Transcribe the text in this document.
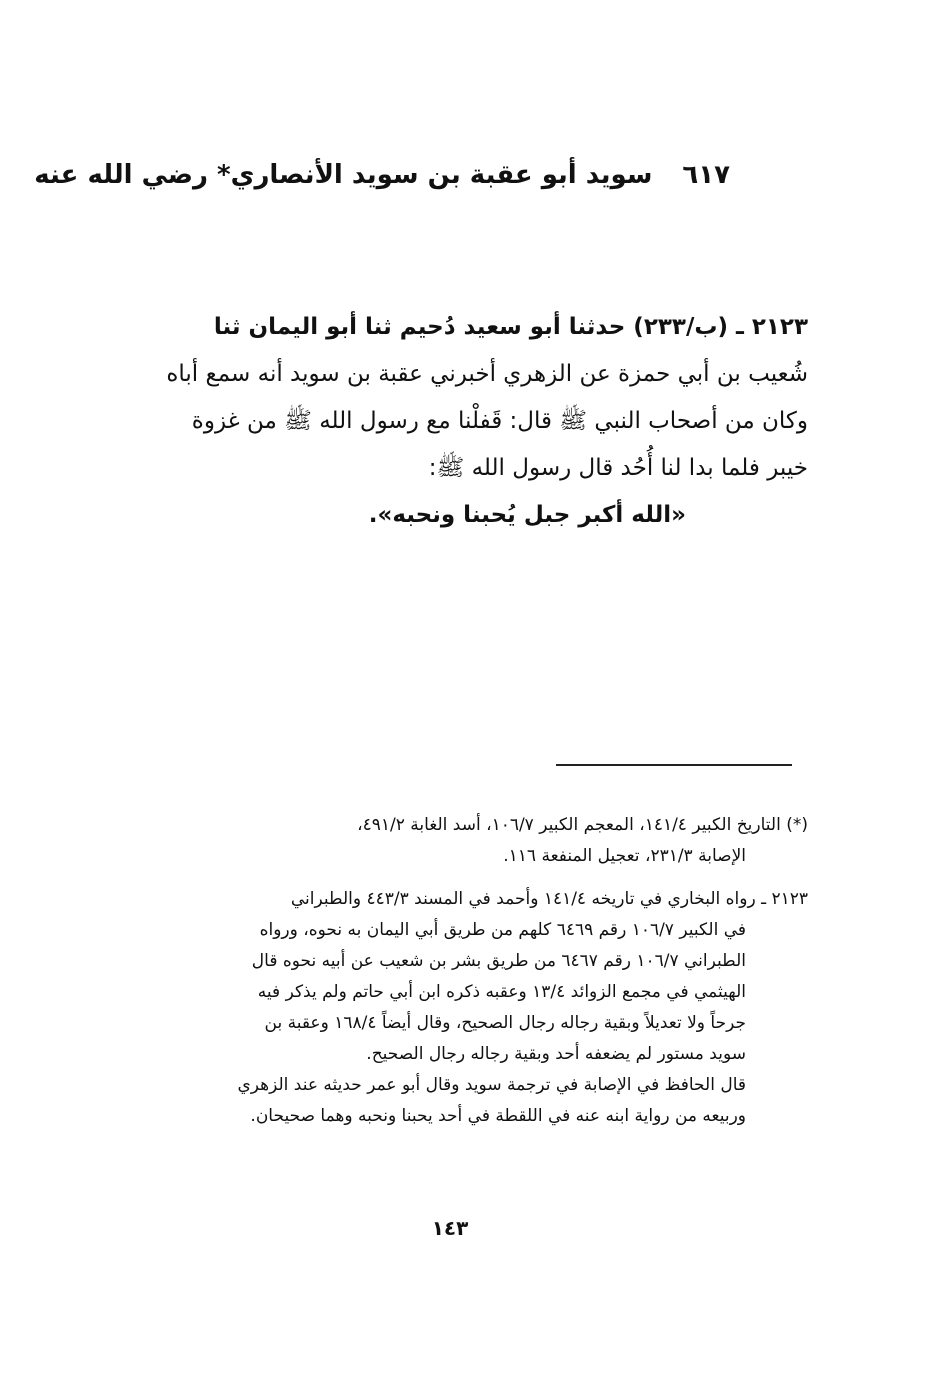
٦١٧سويد أبو عقبة بن سويد الأنصاري* رضي الله عنه
٢١٢٣ ـ (ب/٢٣٣) حدثنا أبو سعيد دُحيم ثنا أبو اليمان ثنا
شُعيب بن أبي حمزة عن الزهري أخبرني عقبة بن سويد أنه سمع أباه
وكان من أصحاب النبي ﷺ قال: قَفلْنا مع رسول الله ﷺ من غزوة
خيبر فلما بدا لنا أُحُد قال رسول الله ﷺ:
«الله أكبر جبل يُحبنا ونحبه».
(*) التاريخ الكبير ١٤١/٤، المعجم الكبير ١٠٦/٧، أسد الغابة ٤٩١/٢،
الإصابة ٢٣١/٣، تعجيل المنفعة ١١٦.
٢١٢٣ ـ رواه البخاري في تاريخه ١٤١/٤ وأحمد في المسند ٤٤٣/٣ والطبراني
في الكبير ١٠٦/٧ رقم ٦٤٦٩ كلهم من طريق أبي اليمان به نحوه، ورواه
الطبراني ١٠٦/٧ رقم ٦٤٦٧ من طريق بشر بن شعيب عن أبيه نحوه قال
الهيثمي في مجمع الزوائد ١٣/٤ وعقبه ذكره ابن أبي حاتم ولم يذكر فيه
جرحاً ولا تعديلاً وبقية رجاله رجال الصحيح، وقال أيضاً ١٦٨/٤ وعقبة بن
سويد مستور لم يضعفه أحد وبقية رجاله رجال الصحيح.
قال الحافظ في الإصابة في ترجمة سويد وقال أبو عمر حديثه عند الزهري
وربيعه من رواية ابنه عنه في اللقطة في أحد يحبنا ونحبه وهما صحيحان.
١٤٣
